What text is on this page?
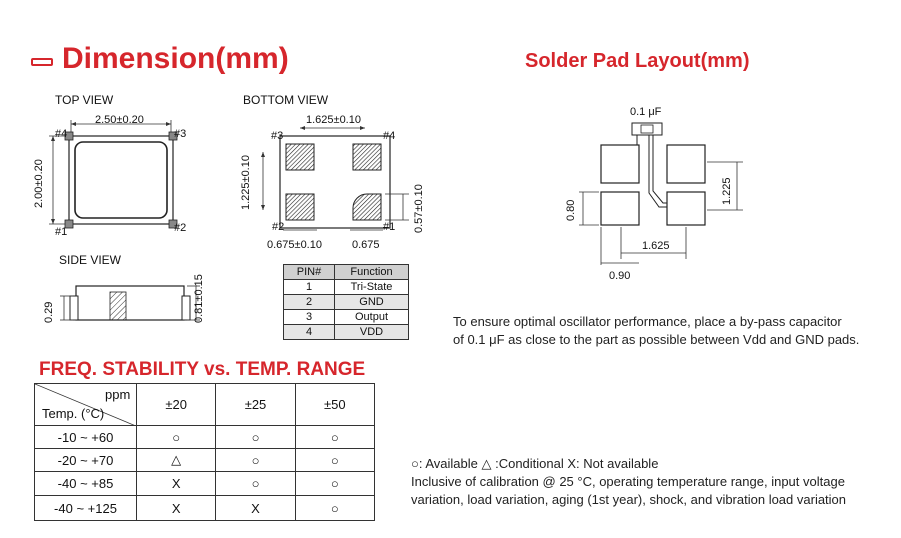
Dimension(mm)	Solder Pad Layout(mm)
FREQ. STABILITY vs. TEMP. RANGE
TOP VIEW
2.50±0.20
2.00±0.20
#4	#3
#1	#2
SIDE VIEW
0.29	0.81±0.15
BOTTOM VIEW
1.625±0.10
1.225±0.10	0.57±0.10
0.675±0.10	0.675
#3	#4
#2	#1
PIN#	Function
1	Tri-State
2	GND
3	Output
4	VDD
0.1 μF
0.80
1.225
1.625
0.90
To ensure optimal oscillator performance, place a by-pass capacitor
of 0.1 μF as close to the part as possible between Vdd and GND pads.
ppm
Temp. (°C)	±20	±25	±50
-10 ~ +60	○	○	○
-20 ~ +70	△	○	○
-40 ~ +85	X	○	○
-40 ~ +125	X	X	○
○: Available △ :Conditional X: Not available
Inclusive of calibration @ 25 °C, operating temperature range, input voltage
variation, load variation, aging (1st year), shock, and vibration load variation
